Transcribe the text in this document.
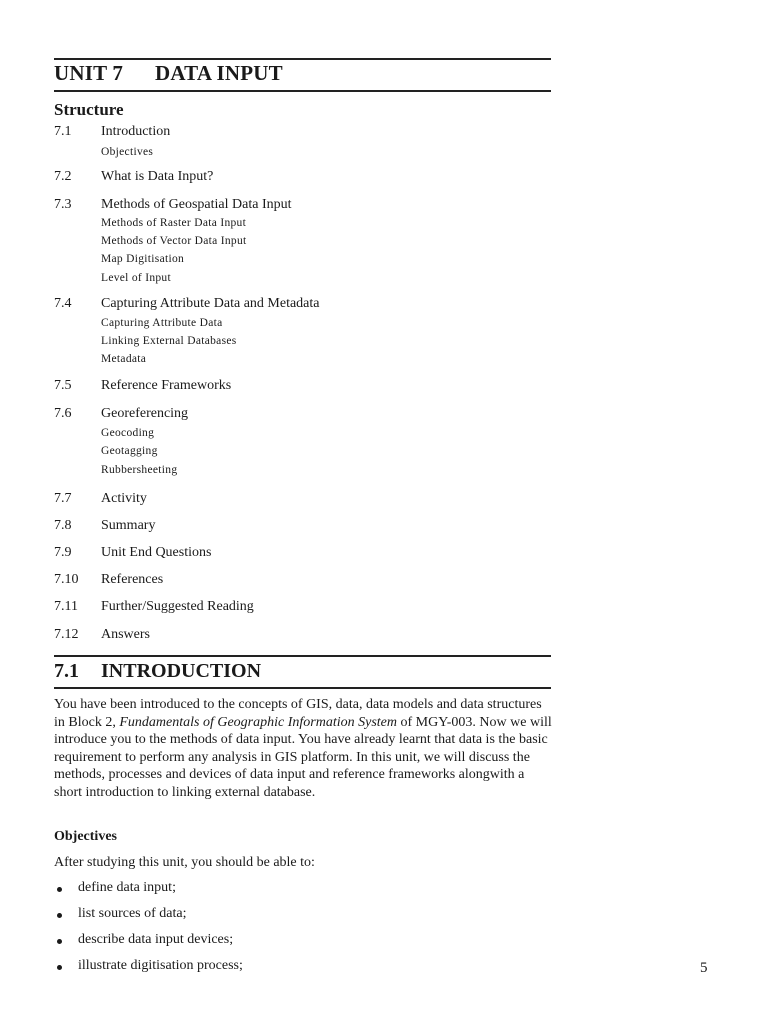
UNIT 7 DATA INPUT
Structure
7.1 Introduction
Objectives
7.2 What is Data Input?
7.3 Methods of Geospatial Data Input
Methods of Raster Data Input
Methods of Vector Data Input
Map Digitisation
Level of Input
7.4 Capturing Attribute Data and Metadata
Capturing Attribute Data
Linking External Databases
Metadata
7.5 Reference Frameworks
7.6 Georeferencing
Geocoding
Geotagging
Rubbersheeting
7.7 Activity
7.8 Summary
7.9 Unit End Questions
7.10 References
7.11 Further/Suggested Reading
7.12 Answers
7.1 INTRODUCTION
You have been introduced to the concepts of GIS, data, data models and data structures in Block 2, Fundamentals of Geographic Information System of MGY-003. Now we will introduce you to the methods of data input. You have already learnt that data is the basic requirement to perform any analysis in GIS platform. In this unit, we will discuss the methods, processes and devices of data input and reference frameworks alongwith a short introduction to linking external database.
Objectives
After studying this unit, you should be able to:
define data input;
list sources of data;
describe data input devices;
illustrate digitisation process;	5
